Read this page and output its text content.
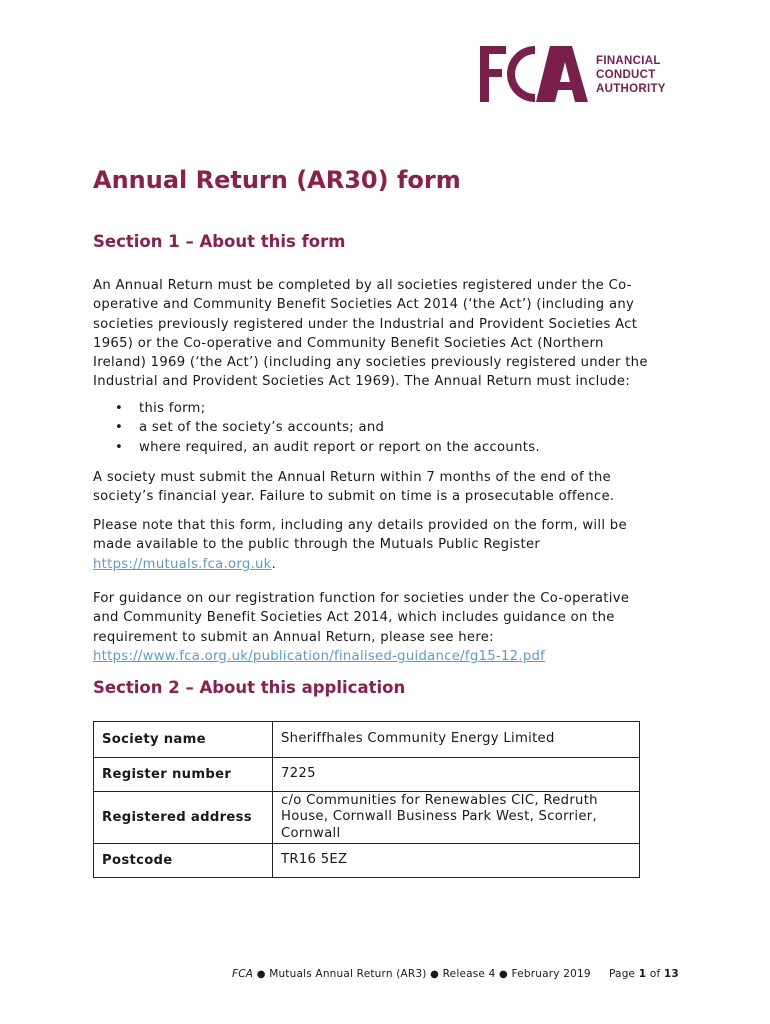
FINANCIAL
CONDUCT
AUTHORITY
Annual Return (AR30) form
Section 1 – About this form

An Annual Return must be completed by all societies registered under the Co-
operative and Community Benefit Societies Act 2014 (‘the Act’) (including any
societies previously registered under the Industrial and Provident Societies Act
1965) or the Co-operative and Community Benefit Societies Act (Northern
Ireland) 1969 (‘the Act’) (including any societies previously registered under the
Industrial and Provident Societies Act 1969). The Annual Return must include:

• this form;
• a set of the society’s accounts; and
• where required, an audit report or report on the accounts.

A society must submit the Annual Return within 7 months of the end of the
society’s financial year. Failure to submit on time is a prosecutable offence.

Please note that this form, including any details provided on the form, will be
made available to the public through the Mutuals Public Register
https://mutuals.fca.org.uk.

For guidance on our registration function for societies under the Co-operative
and Community Benefit Societies Act 2014, which includes guidance on the
requirement to submit an Annual Return, please see here:
https://www.fca.org.uk/publication/finalised-guidance/fg15-12.pdf

Section 2 – About this application
Society name	Sheriffhales Community Energy Limited
Register number	7225
Registered address	c/o Communities for Renewables CIC, Redruth
House, Cornwall Business Park West, Scorrier,
Cornwall

Postcode	TR16 5EZ
FCA ● Mutuals Annual Return (AR3) ● Release 4 ● February 2019 Page 1 of 13
